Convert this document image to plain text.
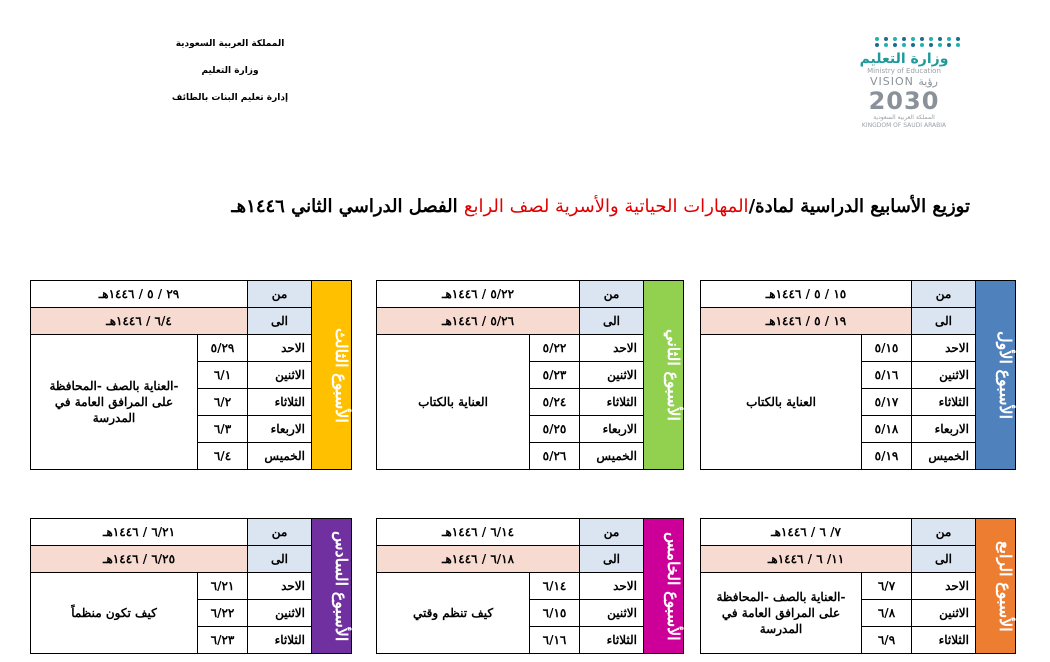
المملكة العربية السعودية
وزارة التعليم
إدارة تعليم البنات بالطائف
وزارة التعليم
Ministry of Education
VISION رؤية
2030
المملكة العربية السعودية
KINGDOM OF SAUDI ARABIA
توزيع الأسابيع الدراسية لمادة/المهارات الحياتية والأسرية لصف الرابع الفصل الدراسي الثاني ١٤٤٦هـ
الأسبوع الأول	من	١٥ / ٥ / ١٤٤٦هـ	
	الى	١٩ / ٥ / ١٤٤٦هـ	
	الاحد	٥/١٥	العناية بالكتاب
	الاثنين	٥/١٦	
	الثلاثاء	٥/١٧	
	الاربعاء	٥/١٨	
	الخميس	٥/١٩	
الأسبوع الثاني	من	٥/٢٢ / ١٤٤٦هـ	
	الى	٥/٢٦ / ١٤٤٦هـ	
	الاحد	٥/٢٢	العناية بالكتاب
	الاثنين	٥/٢٣	
	الثلاثاء	٥/٢٤	
	الاربعاء	٥/٢٥	
	الخميس	٥/٢٦	
الأسبوع الثالث	من	٢٩ / ٥ / ١٤٤٦هـ	
	الى	٦/٤ / ١٤٤٦هـ	
	الاحد	٥/٢٩	-العناية بالصف -المحافظة على المرافق العامة في المدرسة
	الاثنين	٦/١	
	الثلاثاء	٦/٢	
	الاربعاء	٦/٣	
	الخميس	٦/٤	
الأسبوع الرابع	من	٧/ ٦ / ١٤٤٦هـ	
	الى	١١/ ٦ / ١٤٤٦هـ	
	الاحد	٦/٧	-العناية بالصف -المحافظة على المرافق العامة في المدرسة
	الاثنين	٦/٨	
	الثلاثاء	٦/٩	
الأسبوع الخامس	من	٦/١٤ / ١٤٤٦هـ	
	الى	٦/١٨ / ١٤٤٦هـ	
	الاحد	٦/١٤	كيف تنظم وقتي
	الاثنين	٦/١٥	
	الثلاثاء	٦/١٦	
الأسبوع السادس	من	٦/٢١ / ١٤٤٦هـ	
	الى	٦/٢٥ / ١٤٤٦هـ	
	الاحد	٦/٢١	كيف تكون منظماً
	الاثنين	٦/٢٢	
	الثلاثاء	٦/٢٣	
